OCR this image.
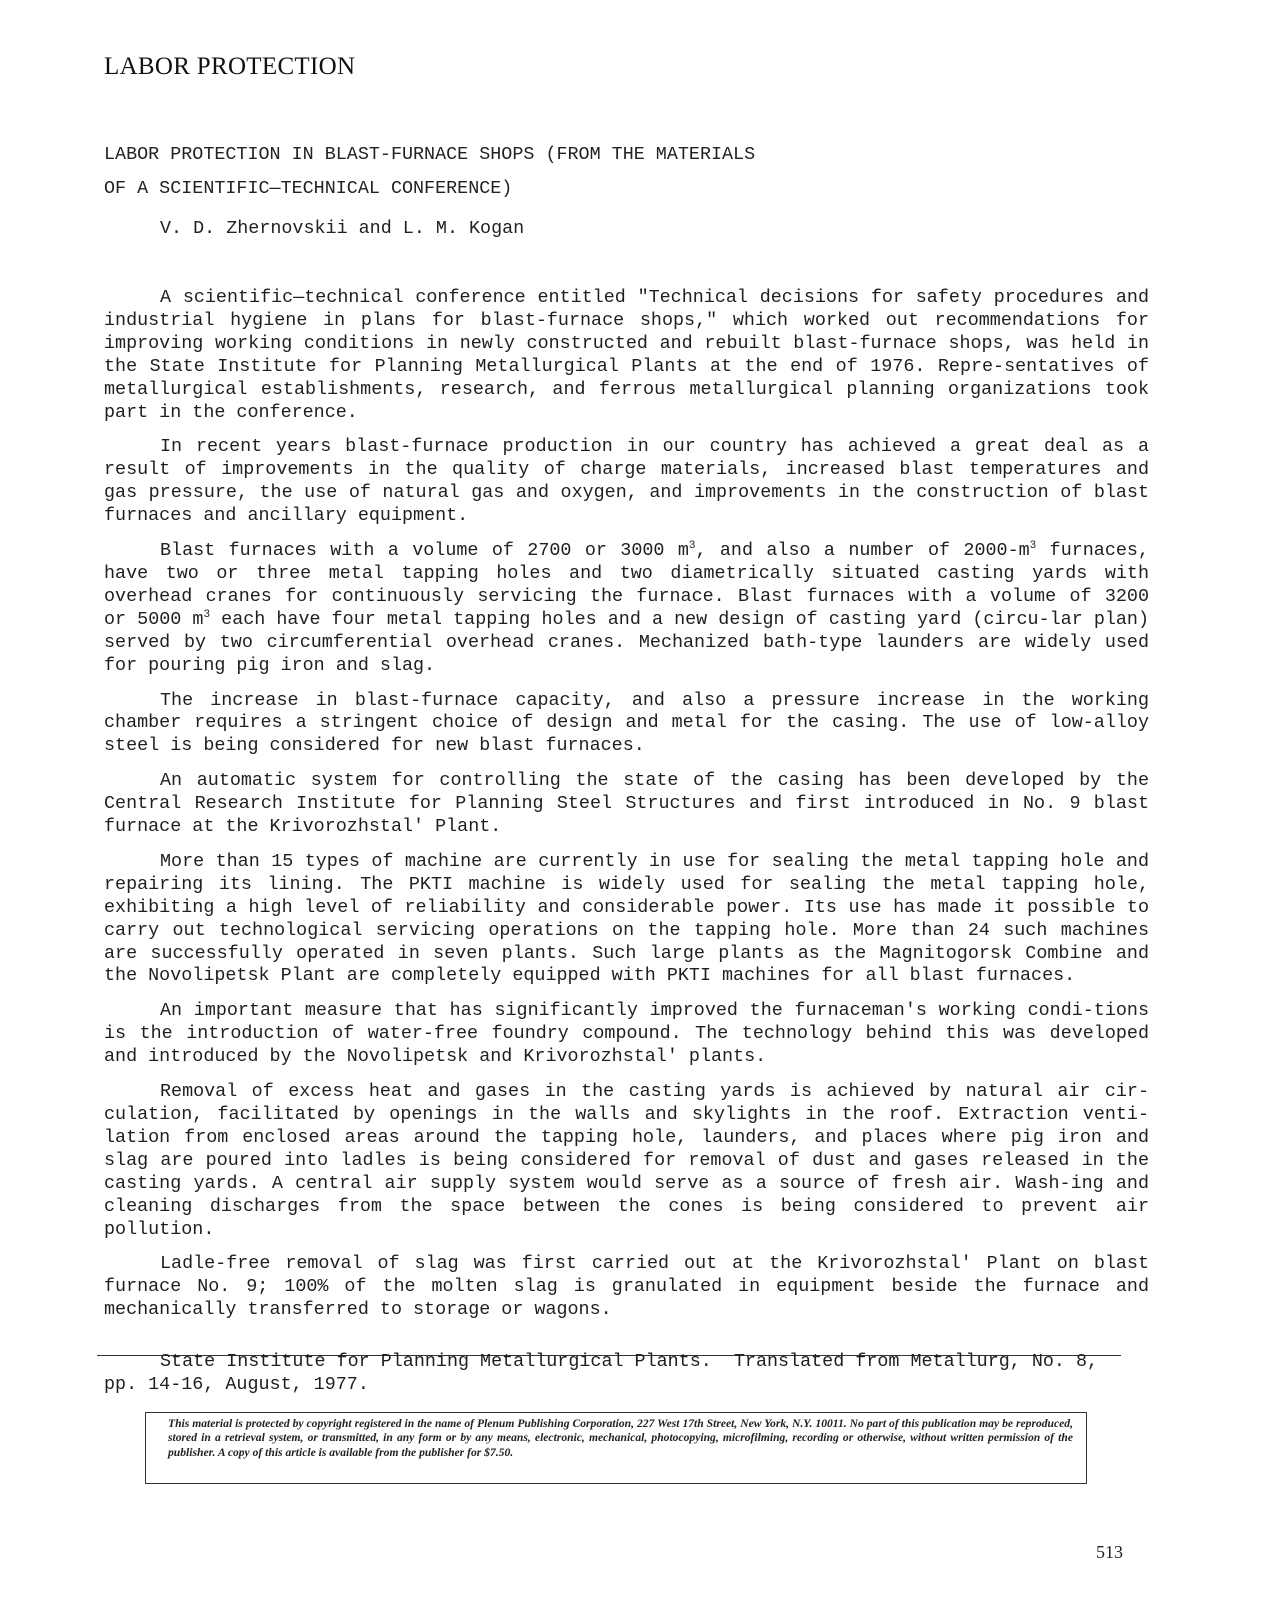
LABOR PROTECTION
LABOR PROTECTION IN BLAST-FURNACE SHOPS (FROM THE MATERIALS
OF A SCIENTIFIC—TECHNICAL CONFERENCE)
V. D. Zhernovskii and L. M. Kogan

A scientific—technical conference entitled "Technical decisions for safety procedures and industrial hygiene in plans for blast-furnace shops," which worked out recommendations for improving working conditions in newly constructed and rebuilt blast-furnace shops, was held in the State Institute for Planning Metallurgical Plants at the end of 1976. Repre-sentatives of metallurgical establishments, research, and ferrous metallurgical planning organizations took part in the conference.

In recent years blast-furnace production in our country has achieved a great deal as a result of improvements in the quality of charge materials, increased blast temperatures and gas pressure, the use of natural gas and oxygen, and improvements in the construction of blast furnaces and ancillary equipment.

Blast furnaces with a volume of 2700 or 3000 $m^3$, and also a number of $2000-m^3$ furnaces, have two or three metal tapping holes and two diametrically situated casting yards with overhead cranes for continuously servicing the furnace. Blast furnaces with a volume of 3200 or 5000 $m^3$ each have four metal tapping holes and a new design of casting yard (circu-lar plan) served by two circumferential overhead cranes. Mechanized bath-type launders are widely used for pouring pig iron and slag.

The increase in blast-furnace capacity, and also a pressure increase in the working chamber requires a stringent choice of design and metal for the casing. The use of low-alloy steel is being considered for new blast furnaces.

An automatic system for controlling the state of the casing has been developed by the Central Research Institute for Planning Steel Structures and first introduced in No. 9 blast furnace at the Krivorozhstal' Plant.

More than 15 types of machine are currently in use for sealing the metal tapping hole and repairing its lining. The PKTI machine is widely used for sealing the metal tapping hole, exhibiting a high level of reliability and considerable power. Its use has made it possible to carry out technological servicing operations on the tapping hole. More than 24 such machines are successfully operated in seven plants. Such large plants as the Magnitogorsk Combine and the Novolipetsk Plant are completely equipped with PKTI machines for all blast furnaces.

An important measure that has significantly improved the furnaceman's working condi-tions is the introduction of water-free foundry compound. The technology behind this was developed and introduced by the Novolipetsk and Krivorozhstal' plants.

Removal of excess heat and gases in the casting yards is achieved by natural air cir-culation, facilitated by openings in the walls and skylights in the roof. Extraction venti-lation from enclosed areas around the tapping hole, launders, and places where pig iron and slag are poured into ladles is being considered for removal of dust and gases released in the casting yards. A central air supply system would serve as a source of fresh air. Wash-ing and cleaning discharges from the space between the cones is being considered to prevent air pollution.

Ladle-free removal of slag was first carried out at the Krivorozhstal' Plant on blast furnace No. 9; 100% of the molten slag is granulated in equipment beside the furnace and mechanically transferred to storage or wagons.

State Institute for Planning Metallurgical Plants.  Translated from Metallurg, No. 8,
pp. 14-16, August, 1977.
This material is protected by copyright registered in the name of Plenum Publishing Corporation, 227 West 17th Street, New York, N.Y. 10011. No part of this publication may be reproduced, stored in a retrieval system, or transmitted, in any form or by any means, electronic, mechanical, photocopying, microfilming, recording or otherwise, without written permission of the publisher. A copy of this article is available from the publisher for $7.50.
513
